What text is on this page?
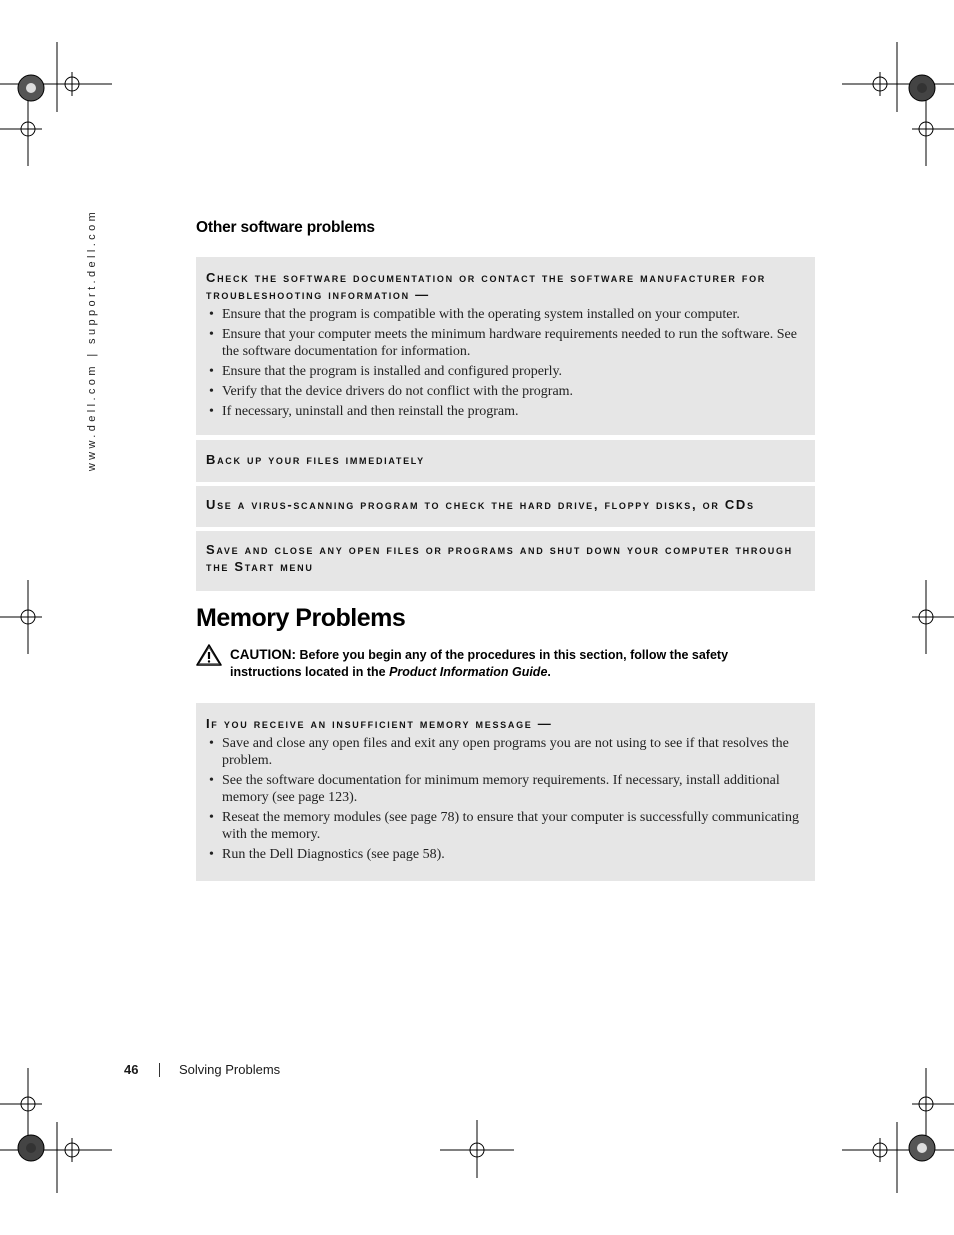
www.dell.com | support.dell.com	Other software problems

Check the software documentation or contact the software manufacturer for troubleshooting information —

• Ensure that the program is compatible with the operating system installed on your computer.
• Ensure that your computer meets the minimum hardware requirements needed to run the software. See the software documentation for information.
• Ensure that the program is installed and configured properly.
• Verify that the device drivers do not conflict with the program.
• If necessary, uninstall and then reinstall the program.

Back up your files immediately

Use a virus-scanning program to check the hard drive, floppy disks, or CDs

Save and close any open files or programs and shut down your computer through the Start menu

Memory Problems

CAUTION: Before you begin any of the procedures in this section, follow the safety instructions located in the Product Information Guide.

If you receive an insufficient memory message —

• Save and close any open files and exit any open programs you are not using to see if that resolves the problem.
• See the software documentation for minimum memory requirements. If necessary, install additional memory (see page 123).
• Reseat the memory modules (see page 78) to ensure that your computer is successfully communicating with the memory.
• Run the Dell Diagnostics (see page 58).
46	Solving Problems
